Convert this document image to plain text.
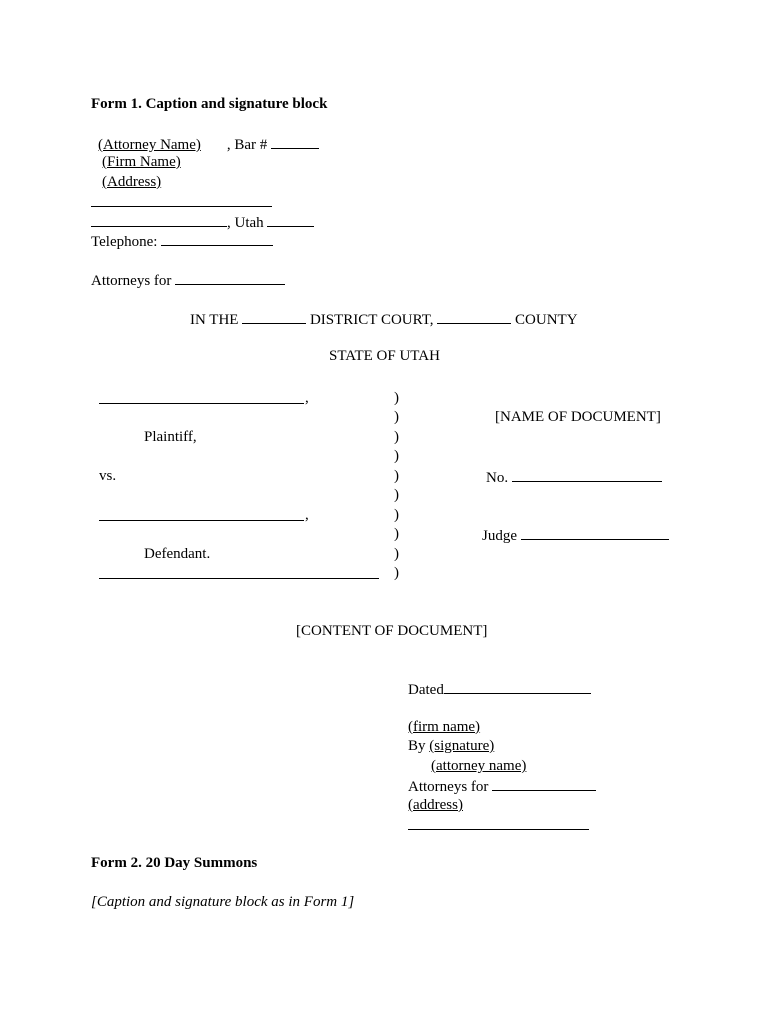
Form 1. Caption and signature block
(Attorney Name) , Bar #
(Firm Name)
(Address)
, Utah
Telephone:
Attorneys for
IN THE	DISTRICT COURT,	COUNTY
STATE OF UTAH
,
Plaintiff,
vs.
,
Defendant.
)
)
)
)
)
)
)
)
)
)
[NAME OF DOCUMENT]
No.
Judge
[CONTENT OF DOCUMENT]
Dated
(firm name)
By (signature)
(attorney name)
Attorneys for
(address)
Form 2. 20 Day Summons
[Caption and signature block as in Form 1]
